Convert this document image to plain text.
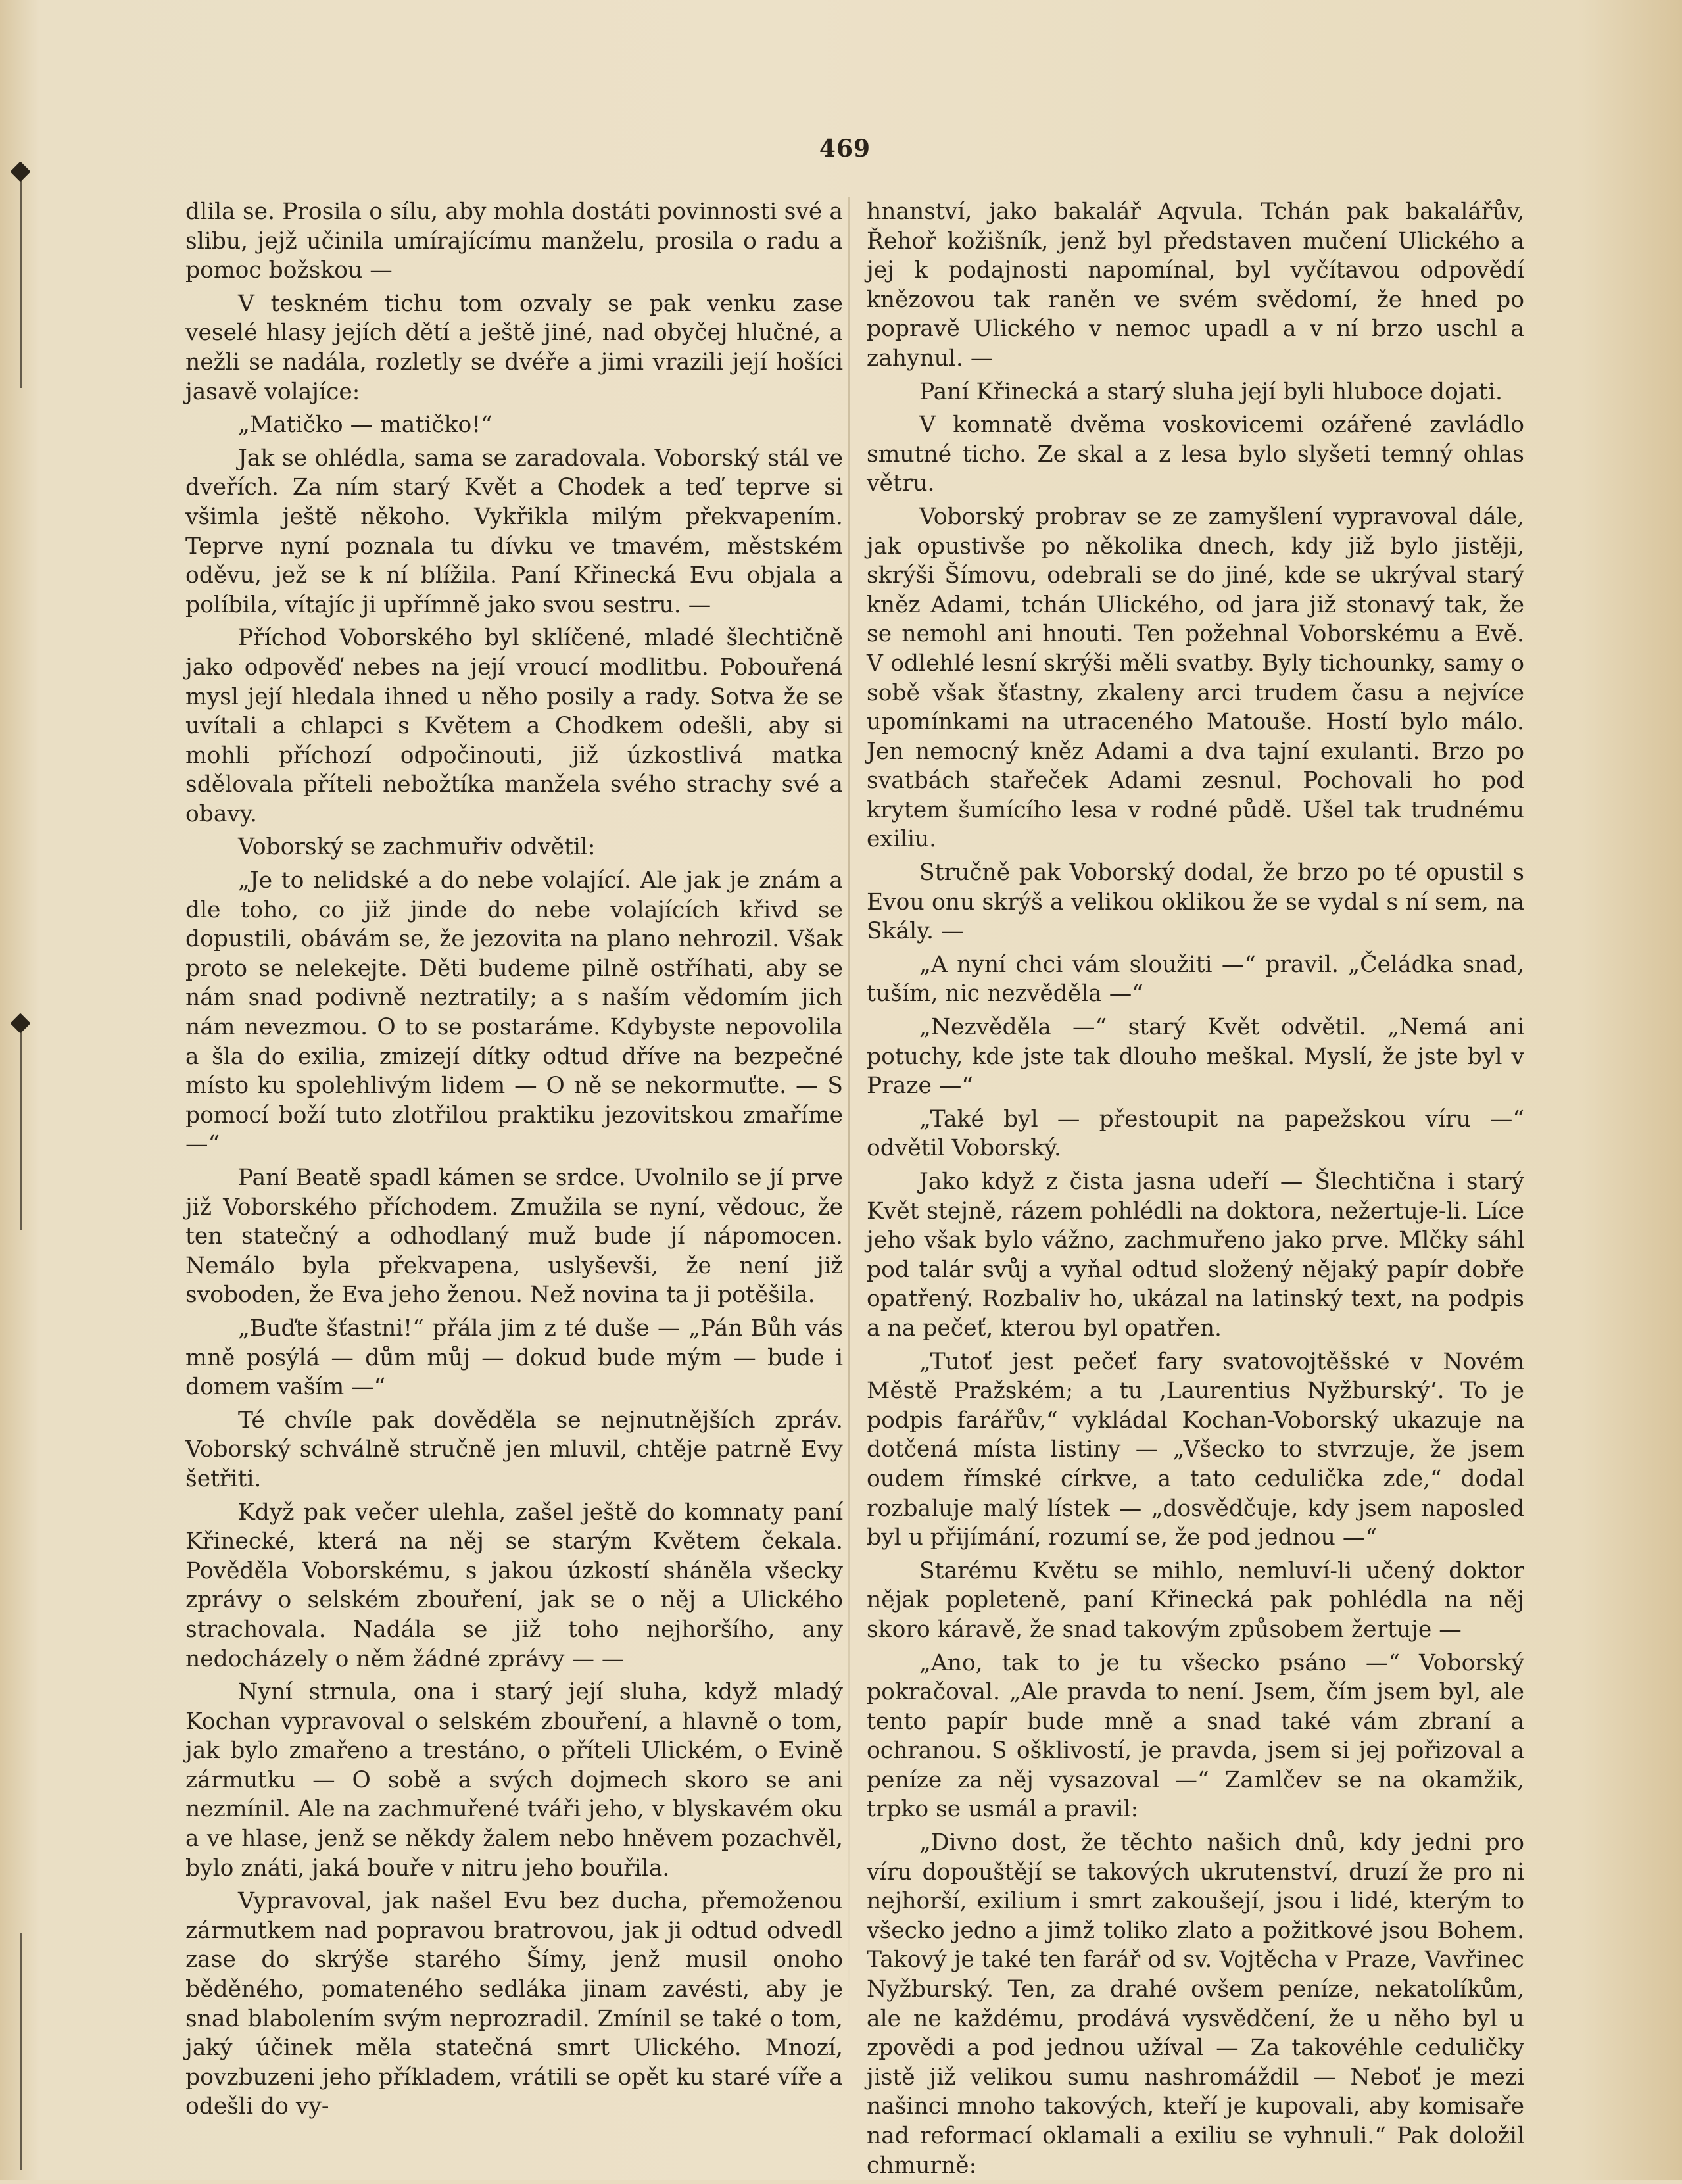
469

dlila se. Prosila o sílu, aby mohla dostáti povinnosti své a slibu, jejž učinila umírajícímu manželu, prosila o radu a pomoc božskou —

V teskném tichu tom ozvaly se pak venku zase veselé hlasy jejích dětí a ještě jiné, nad obyčej hlučné, a nežli se nadála, rozletly se dvéře a jimi vrazili její hošíci jasavě volajíce:

„Matičko — matičko!“

Jak se ohlédla, sama se zaradovala. Voborský stál ve dveřích. Za ním starý Květ a Chodek a teď teprve si všimla ještě někoho. Vykřikla milým překvapením. Teprve nyní poznala tu dívku ve tmavém, městském oděvu, jež se k ní blížila. Paní Křinecká Evu objala a políbila, vítajíc ji upřímně jako svou sestru. —

Příchod Voborského byl sklíčené, mladé šlechtičně jako odpověď nebes na její vroucí modlitbu. Pobouřená mysl její hledala ihned u něho posily a rady. Sotva že se uvítali a chlapci s Květem a Chodkem odešli, aby si mohli příchozí odpočinouti, již úzkostlivá matka sdělovala příteli nebožtíka manžela svého strachy své a obavy.

Voborský se zachmuřiv odvětil:

„Je to nelidské a do nebe volající. Ale jak je znám a dle toho, co již jinde do nebe volajících křivd se dopustili, obávám se, že jezovita na plano nehrozil. Však proto se nelekejte. Děti budeme pilně ostříhati, aby se nám snad podivně neztratily; a s naším vědomím jich nám nevezmou. O to se postaráme. Kdybyste nepovolila a šla do exilia, zmizejí dítky odtud dříve na bezpečné místo ku spolehlivým lidem — O ně se nekormuťte. — S pomocí boží tuto zlotřilou praktiku jezovitskou zmaříme —“

Paní Beatě spadl kámen se srdce. Uvolnilo se jí prve již Voborského příchodem. Zmužila se nyní, vědouc, že ten statečný a odhodlaný muž bude jí nápomocen. Nemálo byla překvapena, uslyševši, že není již svoboden, že Eva jeho ženou. Než novina ta ji potěšila.

„Buďte šťastni!“ přála jim z té duše — „Pán Bůh vás mně posýlá — dům můj — dokud bude mým — bude i domem vaším —“

Té chvíle pak dověděla se nejnutnějších zpráv. Voborský schválně stručně jen mluvil, chtěje patrně Evy šetřiti.

Když pak večer ulehla, zašel ještě do komnaty paní Křinecké, která na něj se starým Květem čekala. Pověděla Voborskému, s jakou úzkostí sháněla všecky zprávy o selském zbouření, jak se o něj a Ulického strachovala. Nadála se již toho nejhoršího, any nedocházely o něm žádné zprávy — —

Nyní strnula, ona i starý její sluha, když mladý Kochan vypravoval o selském zbouření, a hlavně o tom, jak bylo zmařeno a trestáno, o příteli Ulickém, o Evině zármutku — O sobě a svých dojmech skoro se ani nezmínil. Ale na zachmuřené tváři jeho, v blyskavém oku a ve hlase, jenž se někdy žalem nebo hněvem pozachvěl, bylo znáti, jaká bouře v nitru jeho bouřila.

Vypravoval, jak našel Evu bez ducha, přemoženou zármutkem nad popravou bratrovou, jak ji odtud odvedl zase do skrýše starého Šímy, jenž musil onoho běděného, pomateného sedláka jinam zavésti, aby je snad blabolením svým neprozradil. Zmínil se také o tom, jaký účinek měla statečná smrt Ulického. Mnozí, povzbuzeni jeho příkladem, vrátili se opět ku staré víře a odešli do vy-

hnanství, jako bakalář Aqvula. Tchán pak bakalářův, Řehoř kožišník, jenž byl představen mučení Ulického a jej k podajnosti napomínal, byl vyčítavou odpovědí knězovou tak raněn ve svém svědomí, že hned po popravě Ulického v nemoc upadl a v ní brzo uschl a zahynul. —

Paní Křinecká a starý sluha její byli hluboce dojati.

V komnatě dvěma voskovicemi ozářené zavládlo smutné ticho. Ze skal a z lesa bylo slyšeti temný ohlas větru.

Voborský probrav se ze zamyšlení vypravoval dále, jak opustivše po několika dnech, kdy již bylo jistěji, skrýši Šímovu, odebrali se do jiné, kde se ukrýval starý kněz Adami, tchán Ulického, od jara již stonavý tak, že se nemohl ani hnouti. Ten požehnal Voborskému a Evě. V odlehlé lesní skrýši měli svatby. Byly tichounky, samy o sobě však šťastny, zkaleny arci trudem času a nejvíce upomínkami na utraceného Matouše. Hostí bylo málo. Jen nemocný kněz Adami a dva tajní exulanti. Brzo po svatbách stařeček Adami zesnul. Pochovali ho pod krytem šumícího lesa v rodné půdě. Ušel tak trudnému exiliu.

Stručně pak Voborský dodal, že brzo po té opustil s Evou onu skrýš a velikou oklikou že se vydal s ní sem, na Skály. —

„A nyní chci vám sloužiti —“ pravil. „Čeládka snad, tuším, nic nezvěděla —“

„Nezvěděla —“ starý Květ odvětil. „Nemá ani potuchy, kde jste tak dlouho meškal. Myslí, že jste byl v Praze —“

„Také byl — přestoupit na papežskou víru —“ odvětil Voborský.

Jako když z čista jasna udeří — Šlechtična i starý Květ stejně, rázem pohlédli na doktora, nežertuje-li. Líce jeho však bylo vážno, zachmuřeno jako prve. Mlčky sáhl pod talár svůj a vyňal odtud složený nějaký papír dobře opatřený. Rozbaliv ho, ukázal na latinský text, na podpis a na pečeť, kterou byl opatřen.

„Tutoť jest pečeť fary svatovojtěšské v Novém Městě Pražském; a tu ‚Laurentius Nyžburský‘. To je podpis farářův,“ vykládal Kochan-Voborský ukazuje na dotčená místa listiny — „Všecko to stvrzuje, že jsem oudem římské církve, a tato cedulička zde,“ dodal rozbaluje malý lístek — „dosvědčuje, kdy jsem naposled byl u přijímání, rozumí se, že pod jednou —“

Starému Květu se mihlo, nemluví-li učený doktor nějak popleteně, paní Křinecká pak pohlédla na něj skoro káravě, že snad takovým způsobem žertuje —

„Ano, tak to je tu všecko psáno —“ Voborský pokračoval. „Ale pravda to není. Jsem, čím jsem byl, ale tento papír bude mně a snad také vám zbraní a ochranou. S ošklivostí, je pravda, jsem si jej pořizoval a peníze za něj vysazoval —“ Zamlčev se na okamžik, trpko se usmál a pravil:

„Divno dost, že těchto našich dnů, kdy jedni pro víru dopouštějí se takových ukrutenství, druzí že pro ni nejhorší, exilium i smrt zakoušejí, jsou i lidé, kterým to všecko jedno a jimž toliko zlato a požitkové jsou Bohem. Takový je také ten farář od sv. Vojtěcha v Praze, Vavřinec Nyžburský. Ten, za drahé ovšem peníze, nekatolíkům, ale ne každému, prodává vysvědčení, že u něho byl u zpovědi a pod jednou užíval — Za takovéhle ceduličky jistě již velikou sumu nashromáždil — Neboť je mezi našinci mnoho takových, kteří je kupovali, aby komisaře nad reformací oklamali a exiliu se vyhnuli.“ Pak doložil chmurně:
